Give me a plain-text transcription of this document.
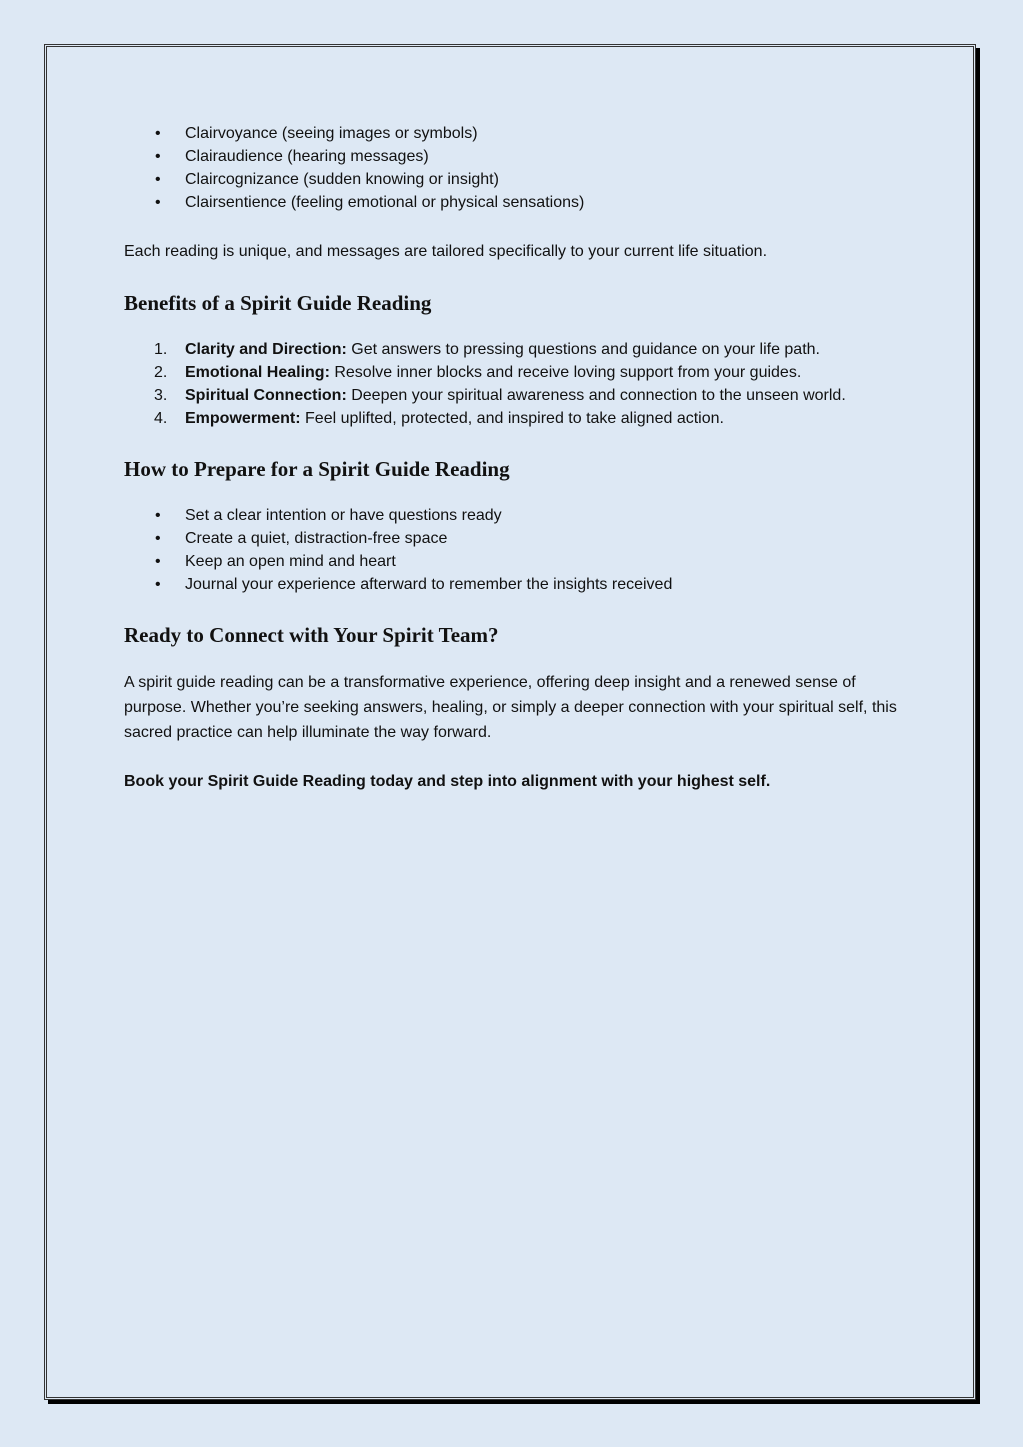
• Clairvoyance (seeing images or symbols)
• Clairaudience (hearing messages)
• Claircognizance (sudden knowing or insight)
• Clairsentience (feeling emotional or physical sensations)

Each reading is unique, and messages are tailored specifically to your current life situation.

Benefits of a Spirit Guide Reading
1. Clarity and Direction: Get answers to pressing questions and guidance on your life path.
2. Emotional Healing: Resolve inner blocks and receive loving support from your guides.
3. Spiritual Connection: Deepen your spiritual awareness and connection to the unseen world.
4. Empowerment: Feel uplifted, protected, and inspired to take aligned action.
How to Prepare for a Spirit Guide Reading
• Set a clear intention or have questions ready
• Create a quiet, distraction-free space
• Keep an open mind and heart
• Journal your experience afterward to remember the insights received
Ready to Connect with Your Spirit Team?

A spirit guide reading can be a transformative experience, offering deep insight and a renewed sense of purpose. Whether you’re seeking answers, healing, or simply a deeper connection with your spiritual self, this sacred practice can help illuminate the way forward.

Book your Spirit Guide Reading today and step into alignment with your highest self.
